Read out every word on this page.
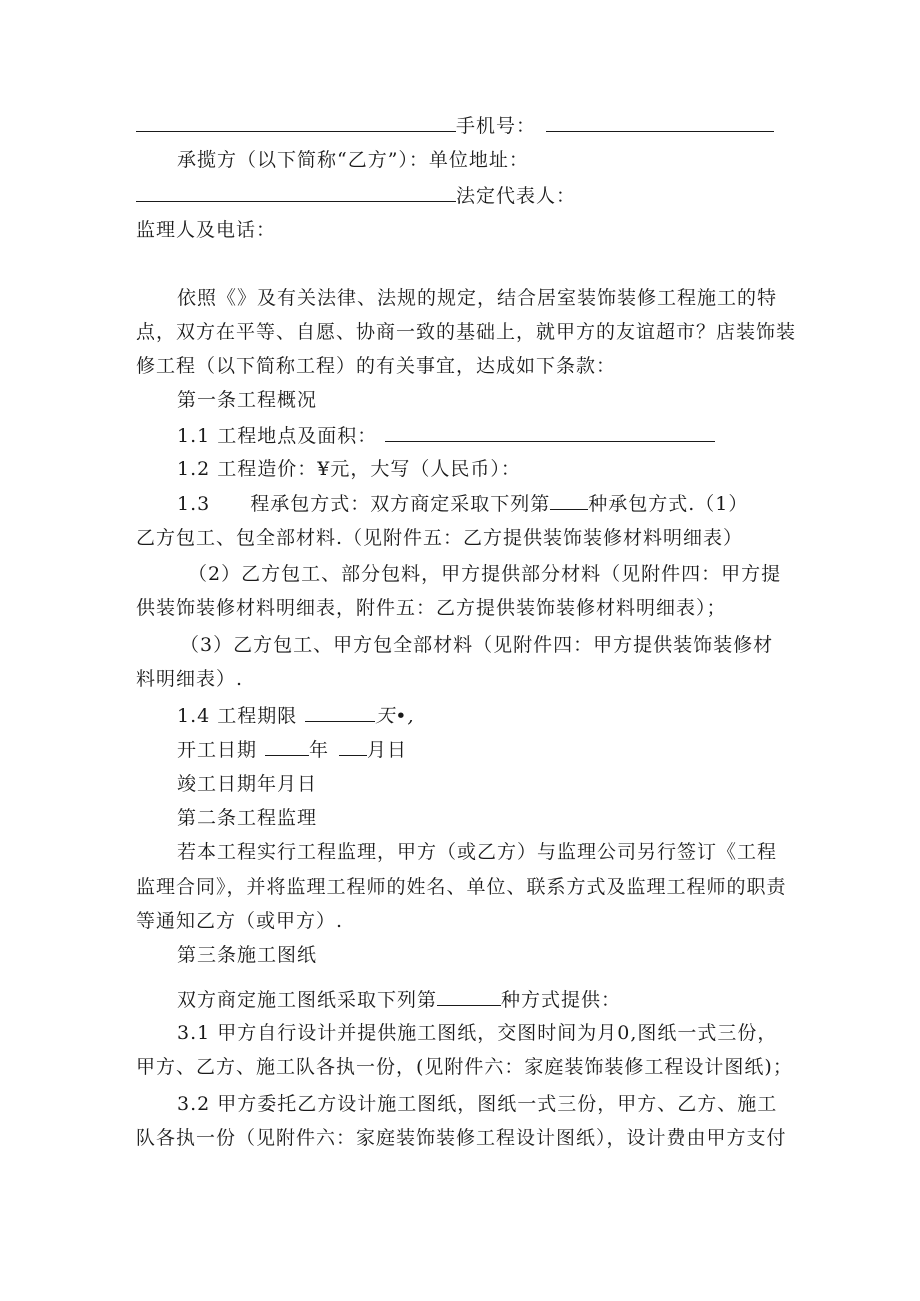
手机号：
承揽方（以下简称“乙方”）：单位地址：
法定代表人：
监理人及电话：
依照《》及有关法律、法规的规定，结合居室装饰装修工程施工的特
点，双方在平等、自愿、协商一致的基础上，就甲方的友谊超市？店装饰装
修工程（以下简称工程）的有关事宜，达成如下条款：
第一条工程概况
1.1 工程地点及面积：
1.2 工程造价：¥元，大写（人民币）：
1.3　　程承包方式：双方商定采取下列第 种承包方式.（1）
乙方包工、包全部材料.（见附件五：乙方提供装饰装修材料明细表）
（2）乙方包工、部分包料，甲方提供部分材料（见附件四：甲方提
供装饰装修材料明细表，附件五：乙方提供装饰装修材料明细表）；
（3）乙方包工、甲方包全部材料（见附件四：甲方提供装饰装修材
料明细表）.
1.4 工程期限	天•,
开工日期	年 月日
竣工日期年月日
第二条工程监理
若本工程实行工程监理，甲方（或乙方）与监理公司另行签订《工程
监理合同》，并将监理工程师的姓名、单位、联系方式及监理工程师的职责
等通知乙方（或甲方）.
第三条施工图纸
双方商定施工图纸采取下列第	种方式提供：
3.1 甲方自行设计并提供施工图纸，交图时间为月0,图纸一式三份，
甲方、乙方、施工队各执一份，(见附件六：家庭装饰装修工程设计图纸)；
3.2 甲方委托乙方设计施工图纸，图纸一式三份，甲方、乙方、施工
队各执一份（见附件六：家庭装饰装修工程设计图纸），设计费由甲方支付
